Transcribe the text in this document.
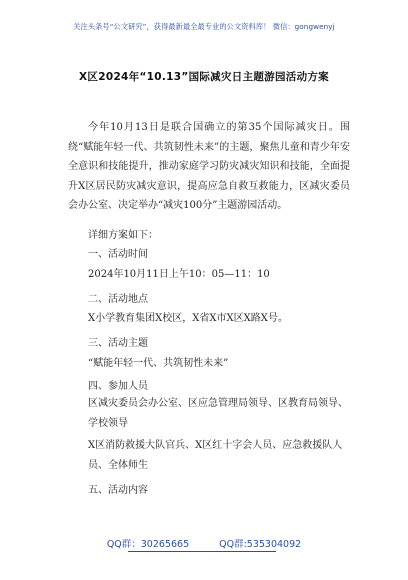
关注头条号“公文研究”，获得最新最全最专业的公文资料库！ 微信：gongwenyj
X区2024年“10.13”国际减灾日主题游园活动方案
今年10月13日是联合国确立的第35个国际减灾日。围绕“赋能年轻一代、共筑韧性未来”的主题，聚焦儿童和青少年安全意识和技能提升，推动家庭学习防灾减灾知识和技能，全面提升X区居民防灾减灾意识，提高应急自救互救能力，区减灾委员会办公室、决定举办“减灾100分”主题游园活动。
详细方案如下：
一、活动时间
2024年10月11日上午10：05—11：10
二、活动地点
X小学教育集团X校区，X省X市X区X路X号。
三、活动主题
“赋能年轻一代、共筑韧性未来”
四、参加人员
区减灾委员会办公室、区应急管理局领导、区教育局领导、学校领导
X区消防救援大队官兵、X区红十字会人员、应急救援队人员、全体师生
五、活动内容
QQ群：30265665	QQ群:535304092
